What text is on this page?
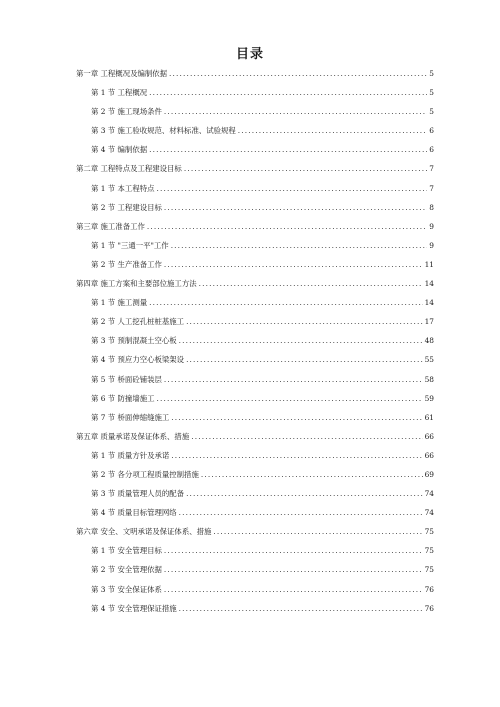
目录
第一章 工程概况及编制依据 . . .	5
第 1 节 工程概况 . . .	5
第 2 节 施工现场条件 . . .	5
第 3 节 施工验收规范、材料标准、试验规程 . . .	6
第 4 节 编制依据 . . .	6
第二章 工程特点及工程建设目标 . . .	7
第 1 节 本工程特点 . . .	7
第 2 节 工程建设目标 . . .	8
第三章 施工准备工作 . . .	9
第 1 节 "三通一平"工作 . . .	9
第 2 节 生产准备工作 . . .	11
第四章 施工方案和主要部位施工方法 . . .	14
第 1 节 施工测量 . . .	14
第 2 节 人工挖孔桩桩基施工 . . .	17
第 3 节 预制混凝土空心板 . . .	48
第 4 节 预应力空心板梁架设 . . .	55
第 5 节 桥面砼铺装层 . . .	58
第 6 节 防撞墙施工 . . .	59
第 7 节 桥面伸缩缝施工 . . .	61
第五章 质量承诺及保证体系、措施 . . .	66
第 1 节 质量方针及承诺 . . .	66
第 2 节 各分项工程质量控制措施 . . .	69
第 3 节 质量管理人员的配备 . . .	74
第 4 节 质量目标管理网络 . . .	74
第六章 安全、文明承诺及保证体系、措施 . . .	75
第 1 节 安全管理目标 . . .	75
第 2 节 安全管理依据 . . .	75
第 3 节 安全保证体系 . . .	76
第 4 节 安全管理保证措施 . . .	76
